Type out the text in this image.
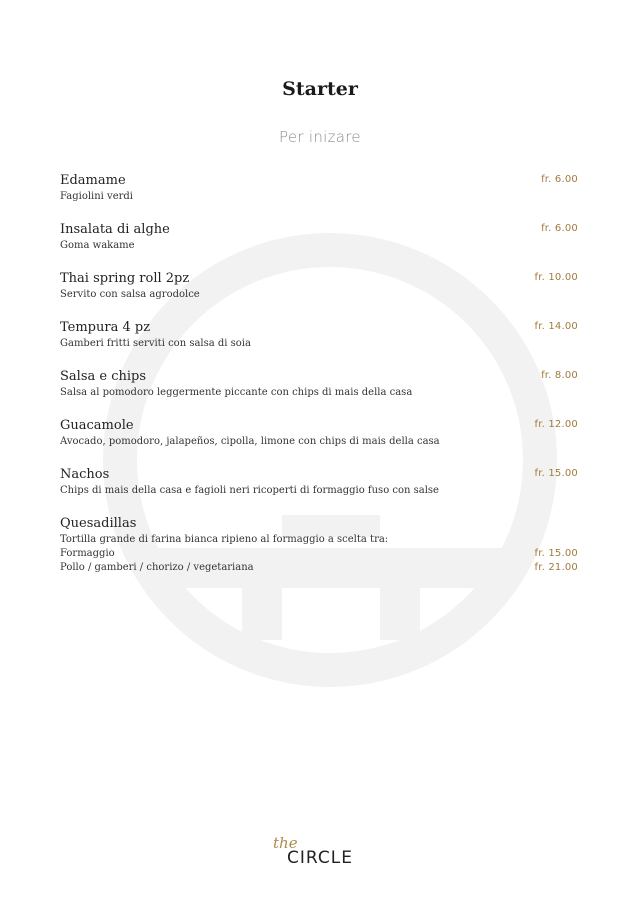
Starter
Per inizare
Edamame
Fagiolini verdi
fr. 6.00
Insalata di alghe
Goma wakame
fr. 6.00
Thai spring roll 2pz
Servito con salsa agrodolce
fr. 10.00
Tempura 4 pz
Gamberi fritti serviti con salsa di soia
fr. 14.00
Salsa e chips
Salsa al pomodoro leggermente piccante con chips di mais della casa
fr. 8.00
Guacamole
Avocado, pomodoro, jalapeños, cipolla, limone con chips di mais della casa
fr. 12.00
Nachos
Chips di mais della casa e fagioli neri ricoperti di formaggio fuso con salse
fr. 15.00
Quesadillas
Tortilla grande di farina bianca ripieno al formaggio a scelta tra:
Formaggio	fr. 15.00
Pollo / gamberi / chorizo / vegetariana	fr. 21.00
the
CIRCLE
